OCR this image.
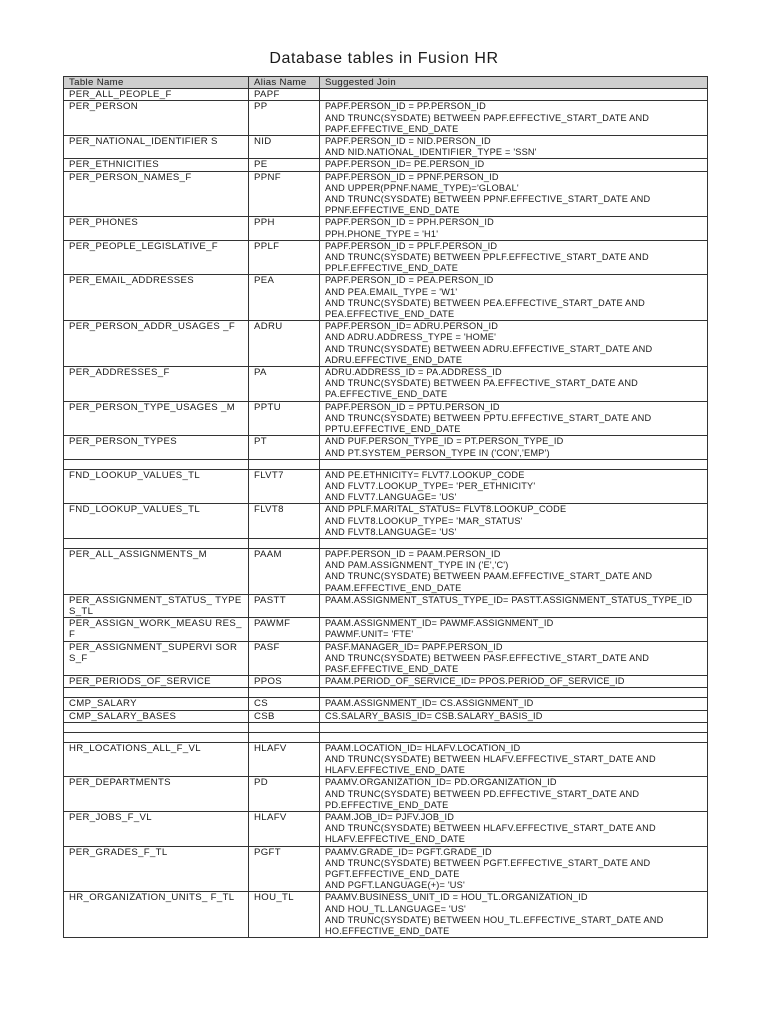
Database tables in Fusion HR
Table Name	Alias Name	Suggested Join
PER_ALL_PEOPLE_F	PAPF	
PER_PERSON	PP	PAPF.PERSON_ID = PP.PERSON_ID
AND TRUNC(SYSDATE) BETWEEN PAPF.EFFECTIVE_START_DATE AND PAPF.EFFECTIVE_END_DATE
PER_NATIONAL_IDENTIFIER S	NID	PAPF.PERSON_ID = NID.PERSON_ID
AND NID.NATIONAL_IDENTIFIER_TYPE = 'SSN'
PER_ETHNICITIES	PE	PAPF.PERSON_ID= PE.PERSON_ID
PER_PERSON_NAMES_F	PPNF	PAPF.PERSON_ID = PPNF.PERSON_ID
AND UPPER(PPNF.NAME_TYPE)='GLOBAL'
AND TRUNC(SYSDATE) BETWEEN PPNF.EFFECTIVE_START_DATE AND PPNF.EFFECTIVE_END_DATE
PER_PHONES	PPH	PAPF.PERSON_ID = PPH.PERSON_ID
PPH.PHONE_TYPE = 'H1'
PER_PEOPLE_LEGISLATIVE_F	PPLF	PAPF.PERSON_ID = PPLF.PERSON_ID
AND TRUNC(SYSDATE) BETWEEN PPLF.EFFECTIVE_START_DATE AND PPLF.EFFECTIVE_END_DATE
PER_EMAIL_ADDRESSES	PEA	PAPF.PERSON_ID = PEA.PERSON_ID
AND PEA.EMAIL_TYPE = 'W1'
AND TRUNC(SYSDATE) BETWEEN PEA.EFFECTIVE_START_DATE AND PEA.EFFECTIVE_END_DATE
PER_PERSON_ADDR_USAGES _F	ADRU	PAPF.PERSON_ID= ADRU.PERSON_ID
AND ADRU.ADDRESS_TYPE = 'HOME'
AND TRUNC(SYSDATE) BETWEEN ADRU.EFFECTIVE_START_DATE AND ADRU.EFFECTIVE_END_DATE
PER_ADDRESSES_F	PA	ADRU.ADDRESS_ID = PA.ADDRESS_ID
AND TRUNC(SYSDATE) BETWEEN PA.EFFECTIVE_START_DATE AND PA.EFFECTIVE_END_DATE
PER_PERSON_TYPE_USAGES _M	PPTU	PAPF.PERSON_ID = PPTU.PERSON_ID
AND TRUNC(SYSDATE) BETWEEN PPTU.EFFECTIVE_START_DATE AND PPTU.EFFECTIVE_END_DATE
PER_PERSON_TYPES	PT	AND PUF.PERSON_TYPE_ID = PT.PERSON_TYPE_ID
AND PT.SYSTEM_PERSON_TYPE IN ('CON','EMP')

FND_LOOKUP_VALUES_TL	FLVT7	AND PE.ETHNICITY= FLVT7.LOOKUP_CODE
AND FLVT7.LOOKUP_TYPE= 'PER_ETHNICITY'
AND FLVT7.LANGUAGE= 'US'
FND_LOOKUP_VALUES_TL	FLVT8	AND PPLF.MARITAL_STATUS= FLVT8.LOOKUP_CODE
AND FLVT8.LOOKUP_TYPE= 'MAR_STATUS'
AND FLVT8.LANGUAGE= 'US'

PER_ALL_ASSIGNMENTS_M	PAAM	PAPF.PERSON_ID = PAAM.PERSON_ID
AND PAM.ASSIGNMENT_TYPE IN ('E','C')
AND TRUNC(SYSDATE) BETWEEN PAAM.EFFECTIVE_START_DATE AND PAAM.EFFECTIVE_END_DATE
PER_ASSIGNMENT_STATUS_ TYPES_TL	PASTT	PAAM.ASSIGNMENT_STATUS_TYPE_ID= PASTT.ASSIGNMENT_STATUS_TYPE_ID
PER_ASSIGN_WORK_MEASU RES_F	PAWMF	PAAM.ASSIGNMENT_ID= PAWMF.ASSIGNMENT_ID
PAWMF.UNIT= 'FTE'
PER_ASSIGNMENT_SUPERVI SORS_F	PASF	PASF.MANAGER_ID= PAPF.PERSON_ID
AND TRUNC(SYSDATE) BETWEEN PASF.EFFECTIVE_START_DATE AND PASF.EFFECTIVE_END_DATE
PER_PERIODS_OF_SERVICE	PPOS	PAAM.PERIOD_OF_SERVICE_ID= PPOS.PERIOD_OF_SERVICE_ID

CMP_SALARY	CS	PAAM.ASSIGNMENT_ID= CS.ASSIGNMENT_ID
CMP_SALARY_BASES	CSB	CS.SALARY_BASIS_ID= CSB.SALARY_BASIS_ID

HR_LOCATIONS_ALL_F_VL	HLAFV	PAAM.LOCATION_ID= HLAFV.LOCATION_ID
AND TRUNC(SYSDATE) BETWEEN HLAFV.EFFECTIVE_START_DATE AND HLAFV.EFFECTIVE_END_DATE
PER_DEPARTMENTS	PD	PAAMV.ORGANIZATION_ID= PD.ORGANIZATION_ID
AND TRUNC(SYSDATE) BETWEEN PD.EFFECTIVE_START_DATE AND PD.EFFECTIVE_END_DATE
PER_JOBS_F_VL	HLAFV	PAAM.JOB_ID= PJFV.JOB_ID
AND TRUNC(SYSDATE) BETWEEN HLAFV.EFFECTIVE_START_DATE AND HLAFV.EFFECTIVE_END_DATE
PER_GRADES_F_TL	PGFT	PAAMV.GRADE_ID= PGFT.GRADE_ID
AND TRUNC(SYSDATE) BETWEEN PGFT.EFFECTIVE_START_DATE AND PGFT.EFFECTIVE_END_DATE
AND PGFT.LANGUAGE(+)= 'US'
HR_ORGANIZATION_UNITS_ F_TL	HOU_TL	PAAMV.BUSINESS_UNIT_ID = HOU_TL.ORGANIZATION_ID
AND HOU_TL.LANGUAGE= 'US'
AND TRUNC(SYSDATE) BETWEEN HOU_TL.EFFECTIVE_START_DATE AND HO.EFFECTIVE_END_DATE
